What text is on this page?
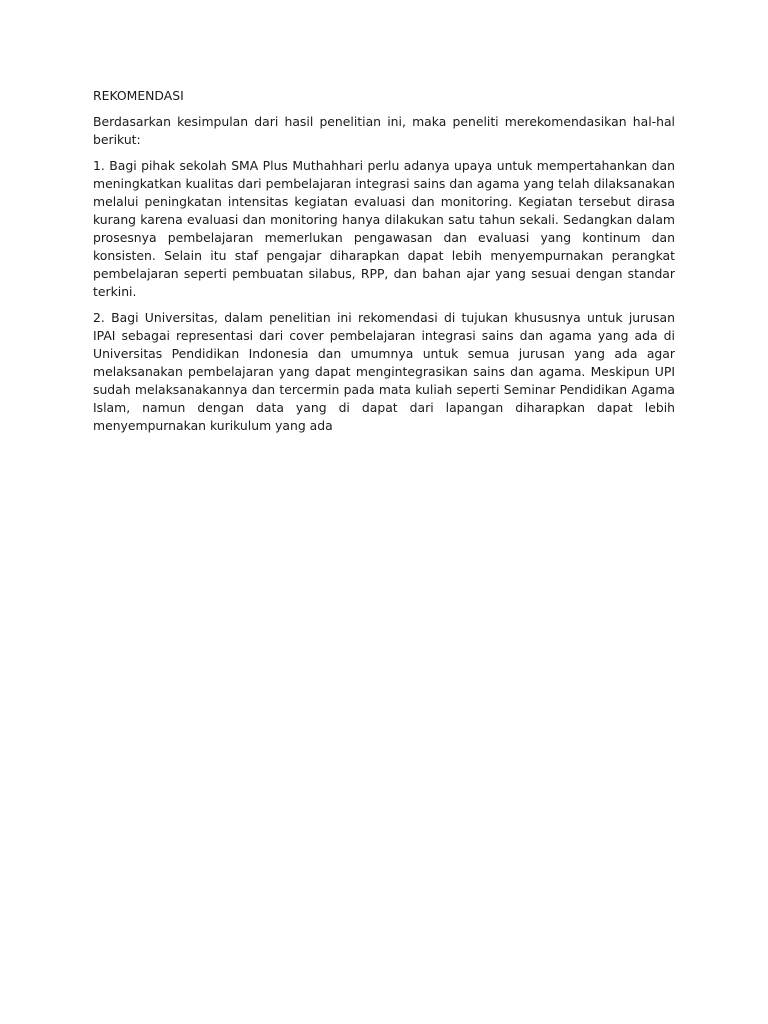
REKOMENDASI

Berdasarkan kesimpulan dari hasil penelitian ini, maka peneliti merekomendasikan hal-hal berikut:

1. Bagi pihak sekolah SMA Plus Muthahhari perlu adanya upaya untuk mempertahankan dan meningkatkan kualitas dari pembelajaran integrasi sains dan agama yang telah dilaksanakan melalui peningkatan intensitas kegiatan evaluasi dan monitoring. Kegiatan tersebut dirasa kurang karena evaluasi dan monitoring hanya dilakukan satu tahun sekali. Sedangkan dalam prosesnya pembelajaran memerlukan pengawasan dan evaluasi yang kontinum dan konsisten. Selain itu staf pengajar diharapkan dapat lebih menyempurnakan perangkat pembelajaran seperti pembuatan silabus, RPP, dan bahan ajar yang sesuai dengan standar terkini.

2. Bagi Universitas, dalam penelitian ini rekomendasi di tujukan khususnya untuk jurusan IPAI sebagai representasi dari cover pembelajaran integrasi sains dan agama yang ada di Universitas Pendidikan Indonesia dan umumnya untuk semua jurusan yang ada agar melaksanakan pembelajaran yang dapat mengintegrasikan sains dan agama. Meskipun UPI sudah melaksanakannya dan tercermin pada mata kuliah seperti Seminar Pendidikan Agama Islam, namun dengan data yang di dapat dari lapangan diharapkan dapat lebih menyempurnakan kurikulum yang ada
